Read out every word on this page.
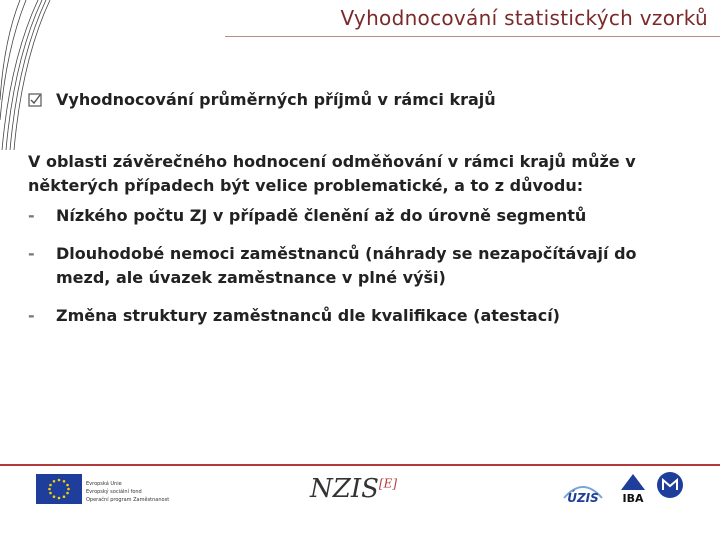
Vyhodnocování statistických vzorků
Vyhodnocování průměrných příjmů v rámci krajů
V oblasti závěrečného hodnocení odměňování v rámci krajů může v některých případech být velice problematické, a to z důvodu:
-	Nízkého počtu ZJ v případě členění až do úrovně segmentů
-	Dlouhodobé nemoci zaměstnanců (náhrady se nezapočítávají do mezd, ale úvazek zaměstnance v plné výši)
-	Změna struktury zaměstnanců dle kvalifikace (atestací)
Evropská Unie
Evropský sociální fond
Operační program Zaměstnanost	NZIS[E]
ÚZIS IBA
